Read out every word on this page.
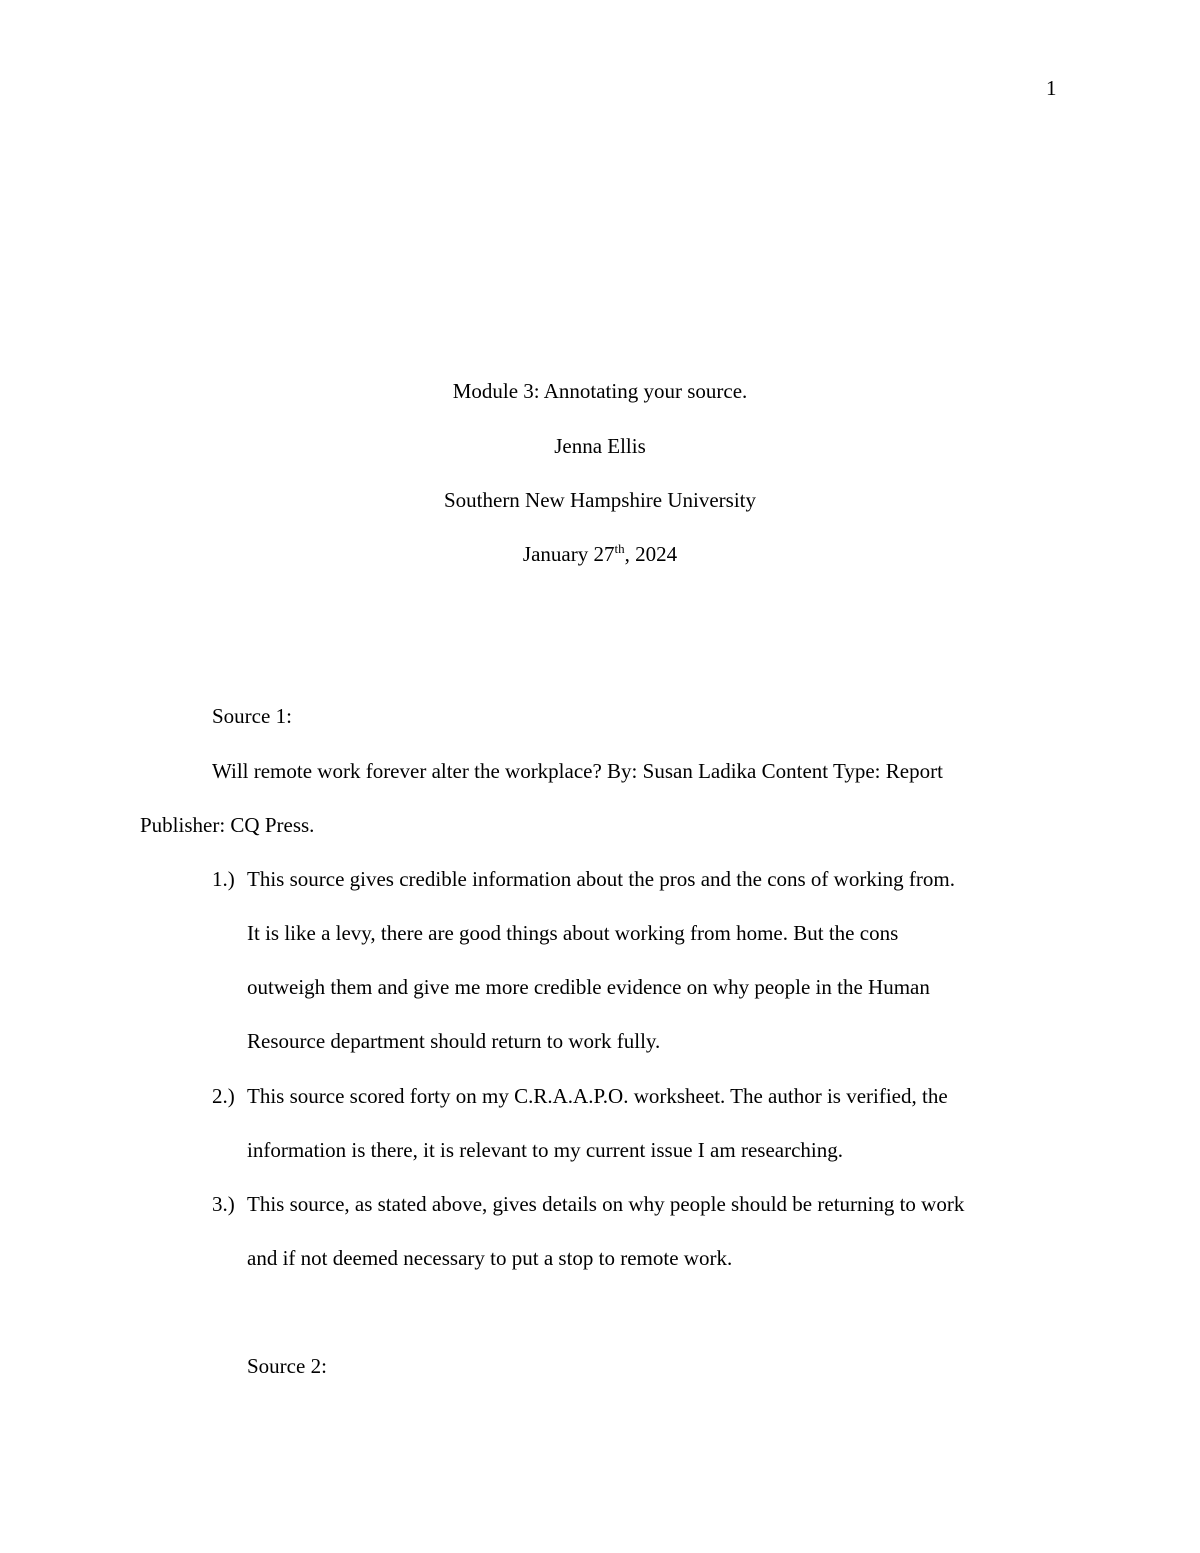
1
Module 3: Annotating your source.
Jenna Ellis
Southern New Hampshire University
January 27th, 2024
Source 1:
Will remote work forever alter the workplace? By: Susan Ladika Content Type: Report
Publisher: CQ Press.
1.) This source gives credible information about the pros and the cons of working from.
It is like a levy, there are good things about working from home. But the cons
outweigh them and give me more credible evidence on why people in the Human
Resource department should return to work fully.
2.) This source scored forty on my C.R.A.A.P.O. worksheet. The author is verified, the
information is there, it is relevant to my current issue I am researching.
3.) This source, as stated above, gives details on why people should be returning to work
and if not deemed necessary to put a stop to remote work.
Source 2:
